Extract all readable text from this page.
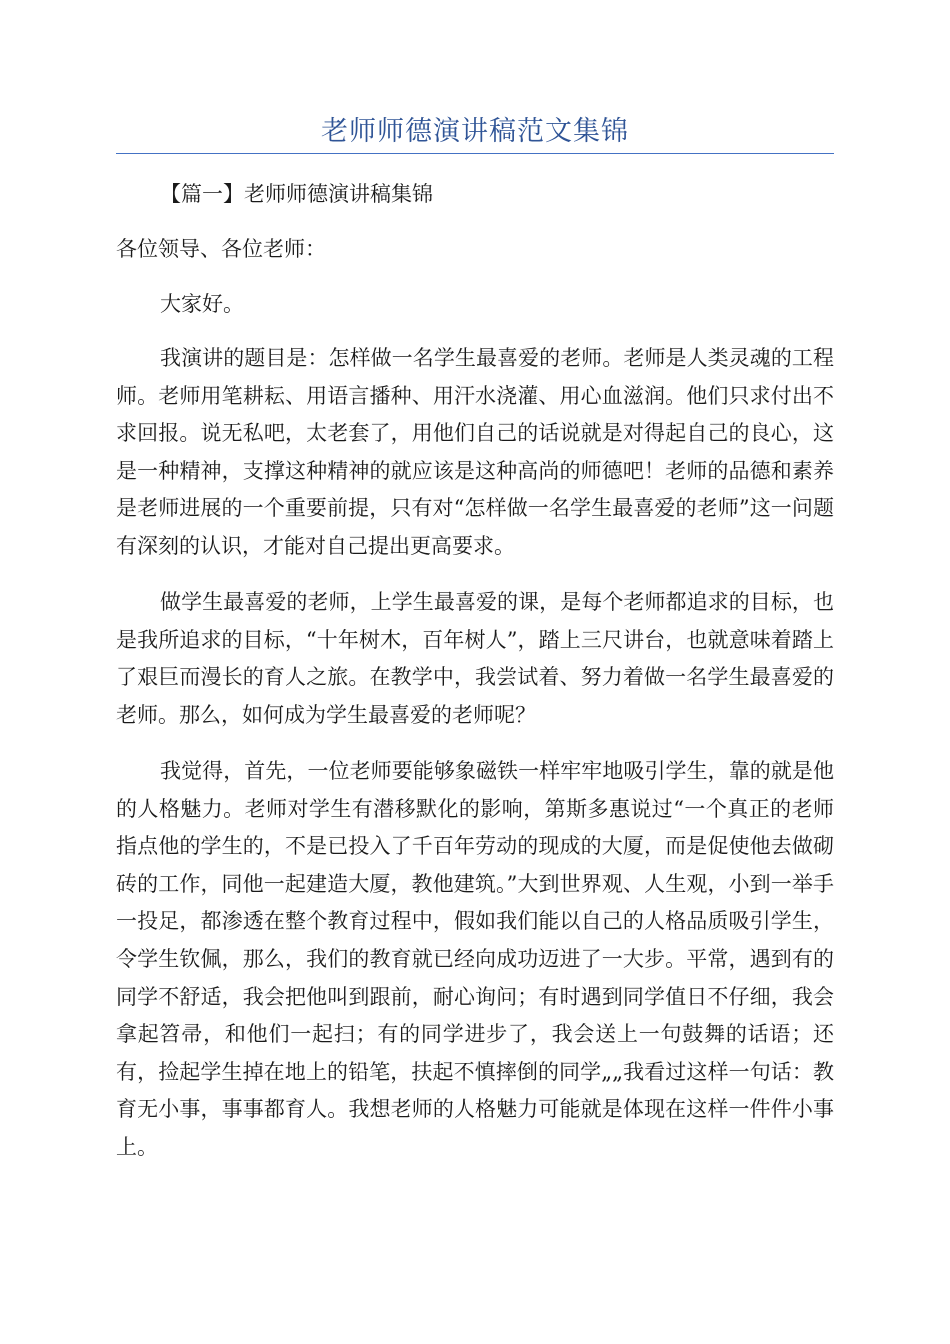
老师师德演讲稿范文集锦

【篇一】老师师德演讲稿集锦

各位领导、各位老师：

大家好。

我演讲的题目是：怎样做一名学生最喜爱的老师。老师是人类灵魂的工程师。老师用笔耕耘、用语言播种、用汗水浇灌、用心血滋润。他们只求付出不求回报。说无私吧，太老套了，用他们自己的话说就是对得起自己的良心，这是一种精神，支撑这种精神的就应该是这种高尚的师德吧！老师的品德和素养是老师进展的一个重要前提，只有对“怎样做一名学生最喜爱的老师”这一问题有深刻的认识，才能对自己提出更高要求。

做学生最喜爱的老师，上学生最喜爱的课，是每个老师都追求的目标，也是我所追求的目标，“十年树木，百年树人”，踏上三尺讲台，也就意味着踏上了艰巨而漫长的育人之旅。在教学中，我尝试着、努力着做一名学生最喜爱的老师。那么，如何成为学生最喜爱的老师呢？

我觉得，首先，一位老师要能够象磁铁一样牢牢地吸引学生，靠的就是他的人格魅力。老师对学生有潜移默化的影响，第斯多惠说过“一个真正的老师指点他的学生的，不是已投入了千百年劳动的现成的大厦，而是促使他去做砌砖的工作，同他一起建造大厦，教他建筑。”大到世界观、人生观，小到一举手一投足，都渗透在整个教育过程中，假如我们能以自己的人格品质吸引学生，令学生钦佩，那么，我们的教育就已经向成功迈进了一大步。平常，遇到有的同学不舒适，我会把他叫到跟前，耐心询问；有时遇到同学值日不仔细，我会拿起笤帚，和他们一起扫；有的同学进步了，我会送上一句鼓舞的话语；还有，捡起学生掉在地上的铅笔，扶起不慎摔倒的同学„„我看过这样一句话：教育无小事，事事都育人。我想老师的人格魅力可能就是体现在这样一件件小事上。
